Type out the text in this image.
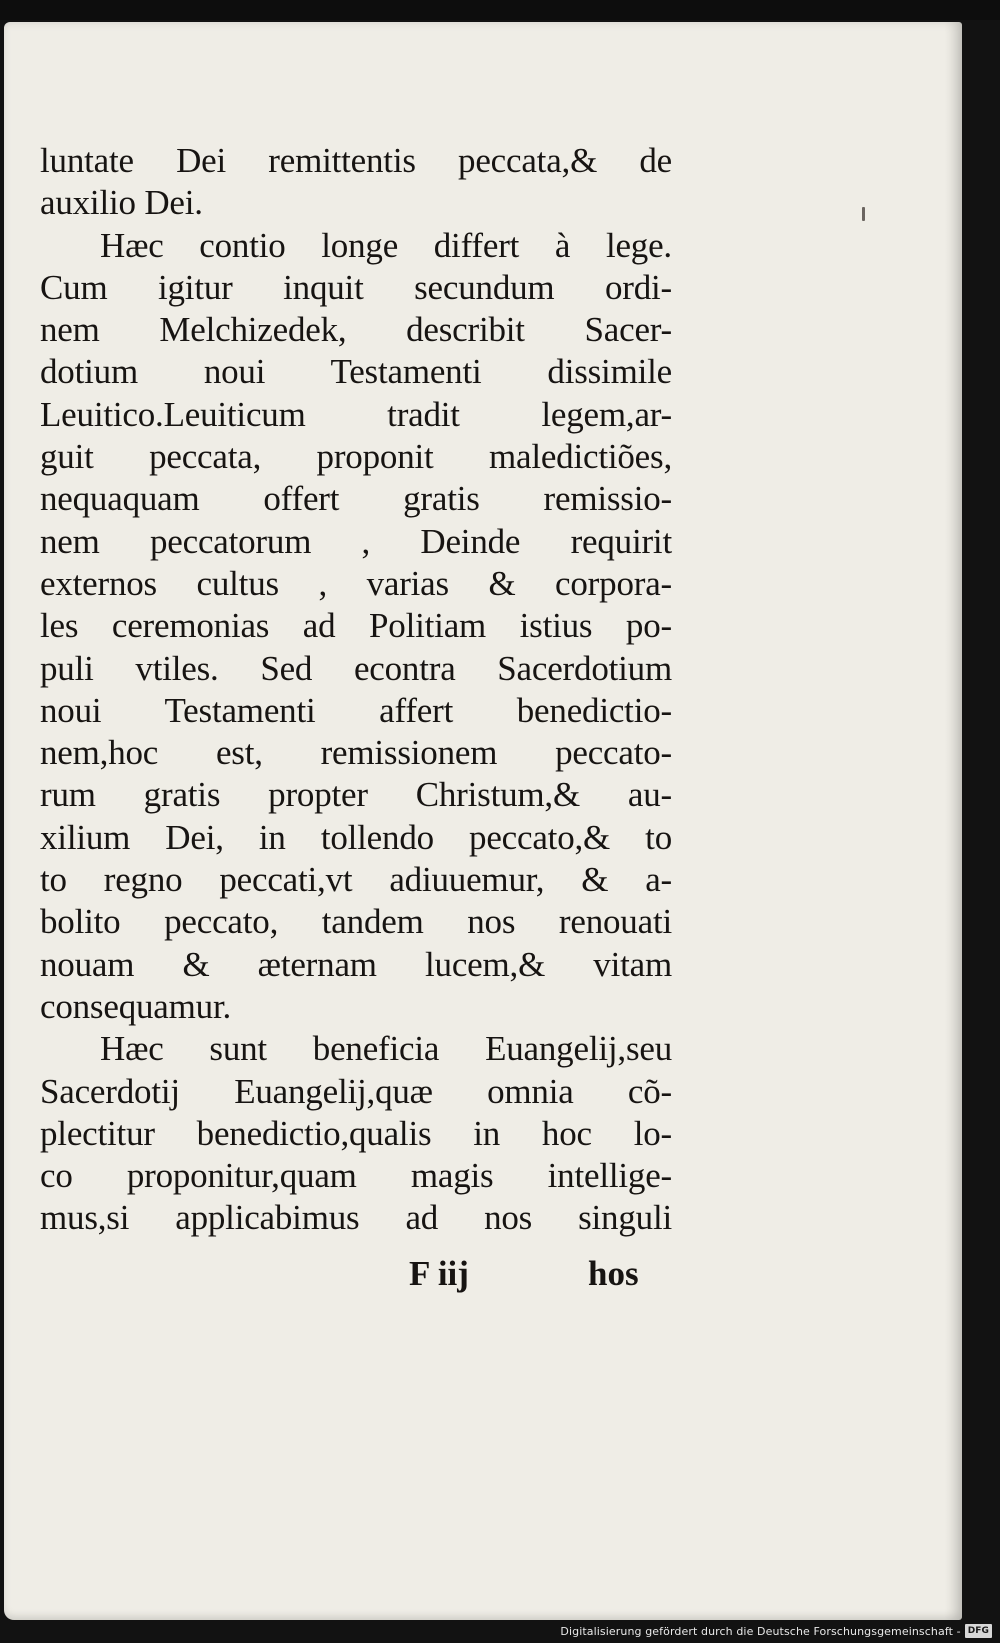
luntate Dei remittentis peccata,& de
auxilio Dei.
Hæc contio longe differt à lege.
Cum igitur inquit secundum ordi-
nem Melchizedek, describit Sacer-
dotium noui Testamenti dissimile
Leuitico.Leuiticum tradit legem,ar-
guit peccata, proponit maledictiões,
nequaquam offert gratis remissio-
nem peccatorum , Deinde requirit
externos cultus , varias & corpora-
les ceremonias ad Politiam istius po-
puli vtiles. Sed econtra Sacerdotium
noui Testamenti affert benedictio-
nem,hoc est, remissionem peccato-
rum gratis propter Christum,& au-
xilium Dei, in tollendo peccato,& to
to regno peccati,vt adiuuemur, & a-
bolito peccato, tandem nos renouati
nouam & æternam lucem,& vitam
consequamur.
Hæc sunt beneficia Euangelij,seu
Sacerdotij Euangelij,quæ omnia cõ-
plectitur benedictio,qualis in hoc lo-
co proponitur,quam magis intellige-
mus,si applicabimus ad nos singuli
F iij	hos
Digitalisierung gefördert durch die Deutsche Forschungsgemeinschaft - DFG
